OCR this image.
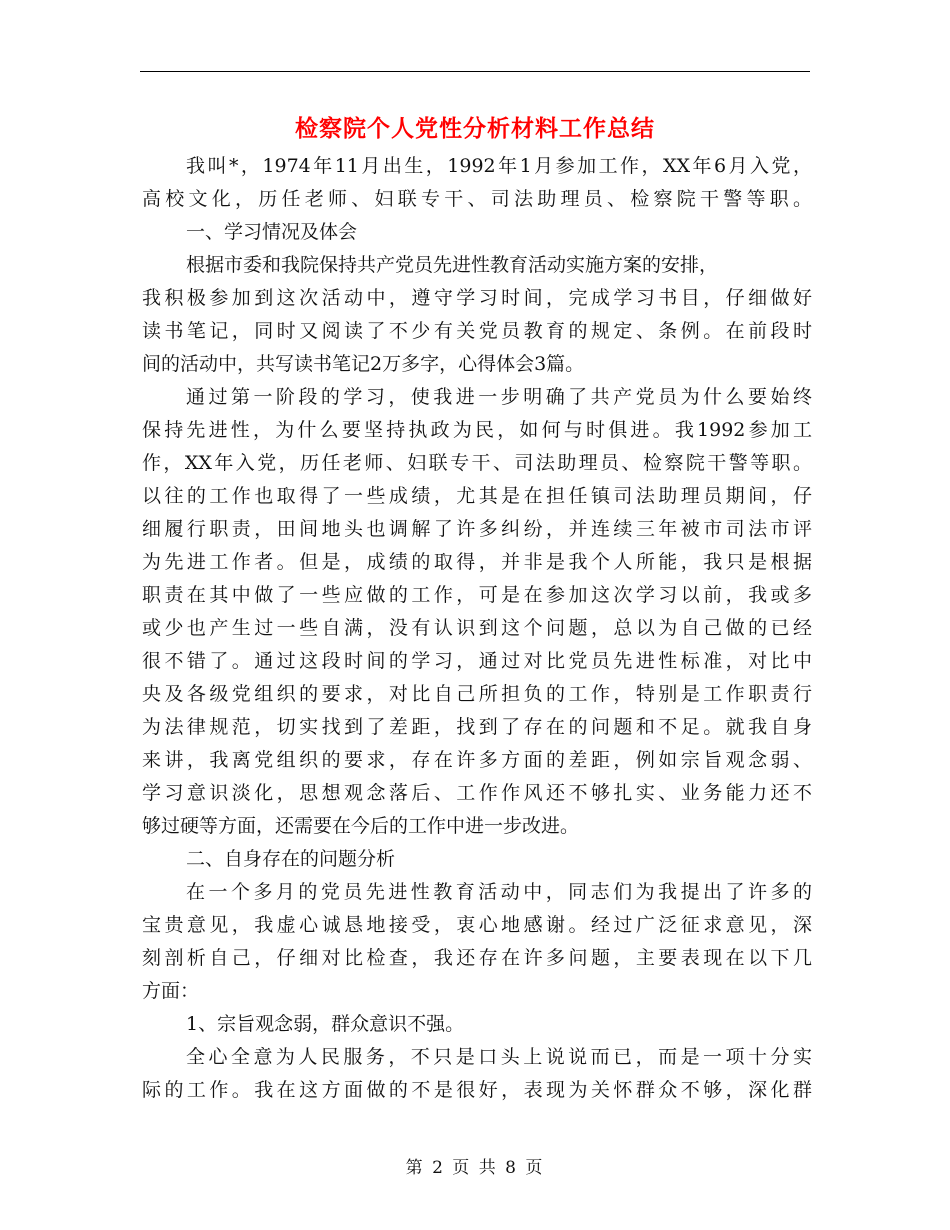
检察院个人党性分析材料工作总结
我叫*，1974年11月出生，1992年1月参加工作，XX年6月入党，
高校文化，历任老师、妇联专干、司法助理员、检察院干警等职。
一、学习情况及体会
根据市委和我院保持共产党员先进性教育活动实施方案的安排，
我积极参加到这次活动中，遵守学习时间，完成学习书目，仔细做好
读书笔记，同时又阅读了不少有关党员教育的规定、条例。在前段时
间的活动中，共写读书笔记2万多字，心得体会3篇。
通过第一阶段的学习，使我进一步明确了共产党员为什么要始终
保持先进性，为什么要坚持执政为民，如何与时俱进。我1992参加工
作，XX年入党，历任老师、妇联专干、司法助理员、检察院干警等职。
以往的工作也取得了一些成绩，尤其是在担任镇司法助理员期间，仔
细履行职责，田间地头也调解了许多纠纷，并连续三年被市司法市评
为先进工作者。但是，成绩的取得，并非是我个人所能，我只是根据
职责在其中做了一些应做的工作，可是在参加这次学习以前，我或多
或少也产生过一些自满，没有认识到这个问题，总以为自己做的已经
很不错了。通过这段时间的学习，通过对比党员先进性标准，对比中
央及各级党组织的要求，对比自己所担负的工作，特别是工作职责行
为法律规范，切实找到了差距，找到了存在的问题和不足。就我自身
来讲，我离党组织的要求，存在许多方面的差距，例如宗旨观念弱、
学习意识淡化，思想观念落后、工作作风还不够扎实、业务能力还不
够过硬等方面，还需要在今后的工作中进一步改进。
二、自身存在的问题分析
在一个多月的党员先进性教育活动中，同志们为我提出了许多的
宝贵意见，我虚心诚恳地接受，衷心地感谢。经过广泛征求意见，深
刻剖析自己，仔细对比检查，我还存在许多问题，主要表现在以下几
方面：
1、宗旨观念弱，群众意识不强。
全心全意为人民服务，不只是口头上说说而已，而是一项十分实
际的工作。我在这方面做的不是很好，表现为关怀群众不够，深化群
第 2 页 共 8 页
